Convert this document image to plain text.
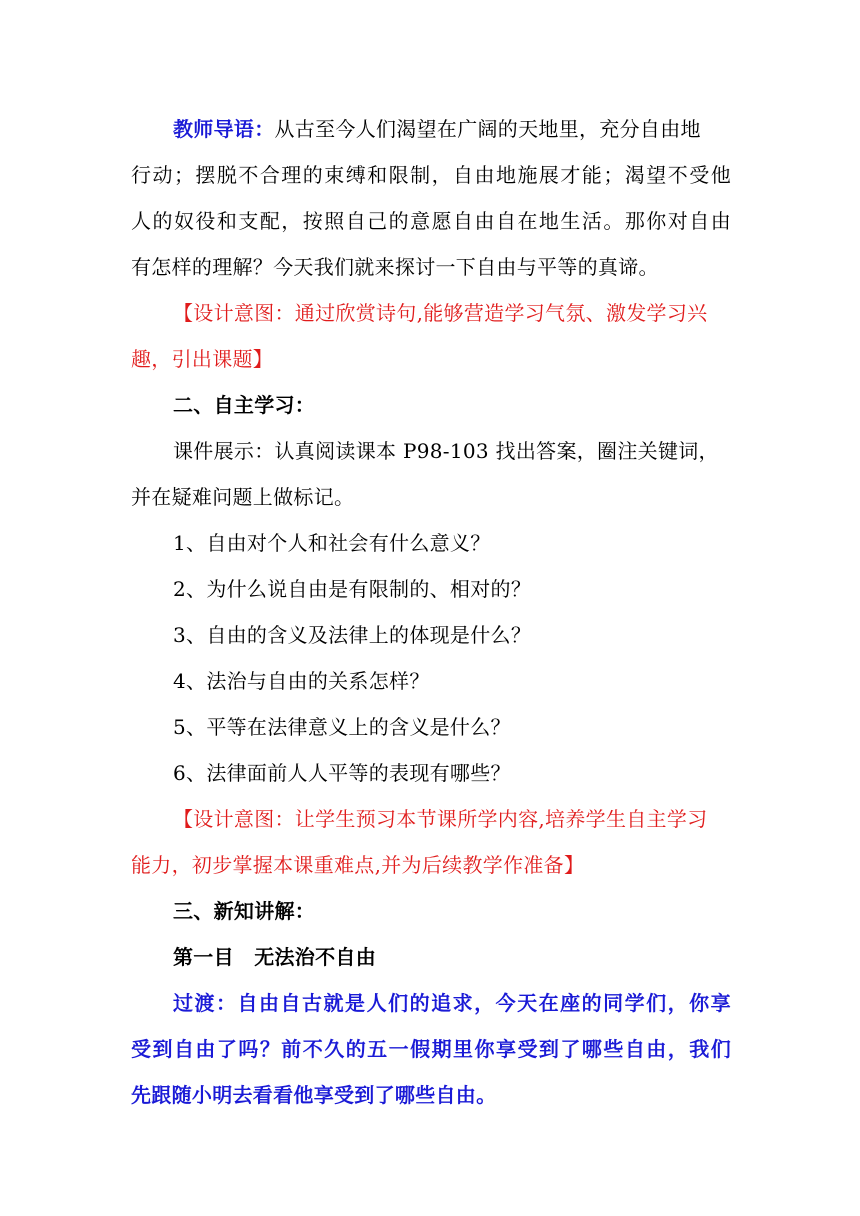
教师导语：从古至今人们渴望在广阔的天地里，充分自由地
行动；摆脱不合理的束缚和限制，自由地施展才能；渴望不受他
人的奴役和支配，按照自己的意愿自由自在地生活。那你对自由
有怎样的理解？今天我们就来探讨一下自由与平等的真谛。
【设计意图：通过欣赏诗句,能够营造学习气氛、激发学习兴
趣，引出课题】
二、自主学习：
课件展示：认真阅读课本 P98-103 找出答案，圈注关键词，
并在疑难问题上做标记。
1、自由对个人和社会有什么意义？
2、为什么说自由是有限制的、相对的？
3、自由的含义及法律上的体现是什么？
4、法治与自由的关系怎样？
5、平等在法律意义上的含义是什么？
6、法律面前人人平等的表现有哪些？
【设计意图：让学生预习本节课所学内容,培养学生自主学习
能力，初步掌握本课重难点,并为后续教学作准备】
三、新知讲解：
第一目　无法治不自由
过渡：自由自古就是人们的追求，今天在座的同学们，你享
受到自由了吗？前不久的五一假期里你享受到了哪些自由，我们
先跟随小明去看看他享受到了哪些自由。
